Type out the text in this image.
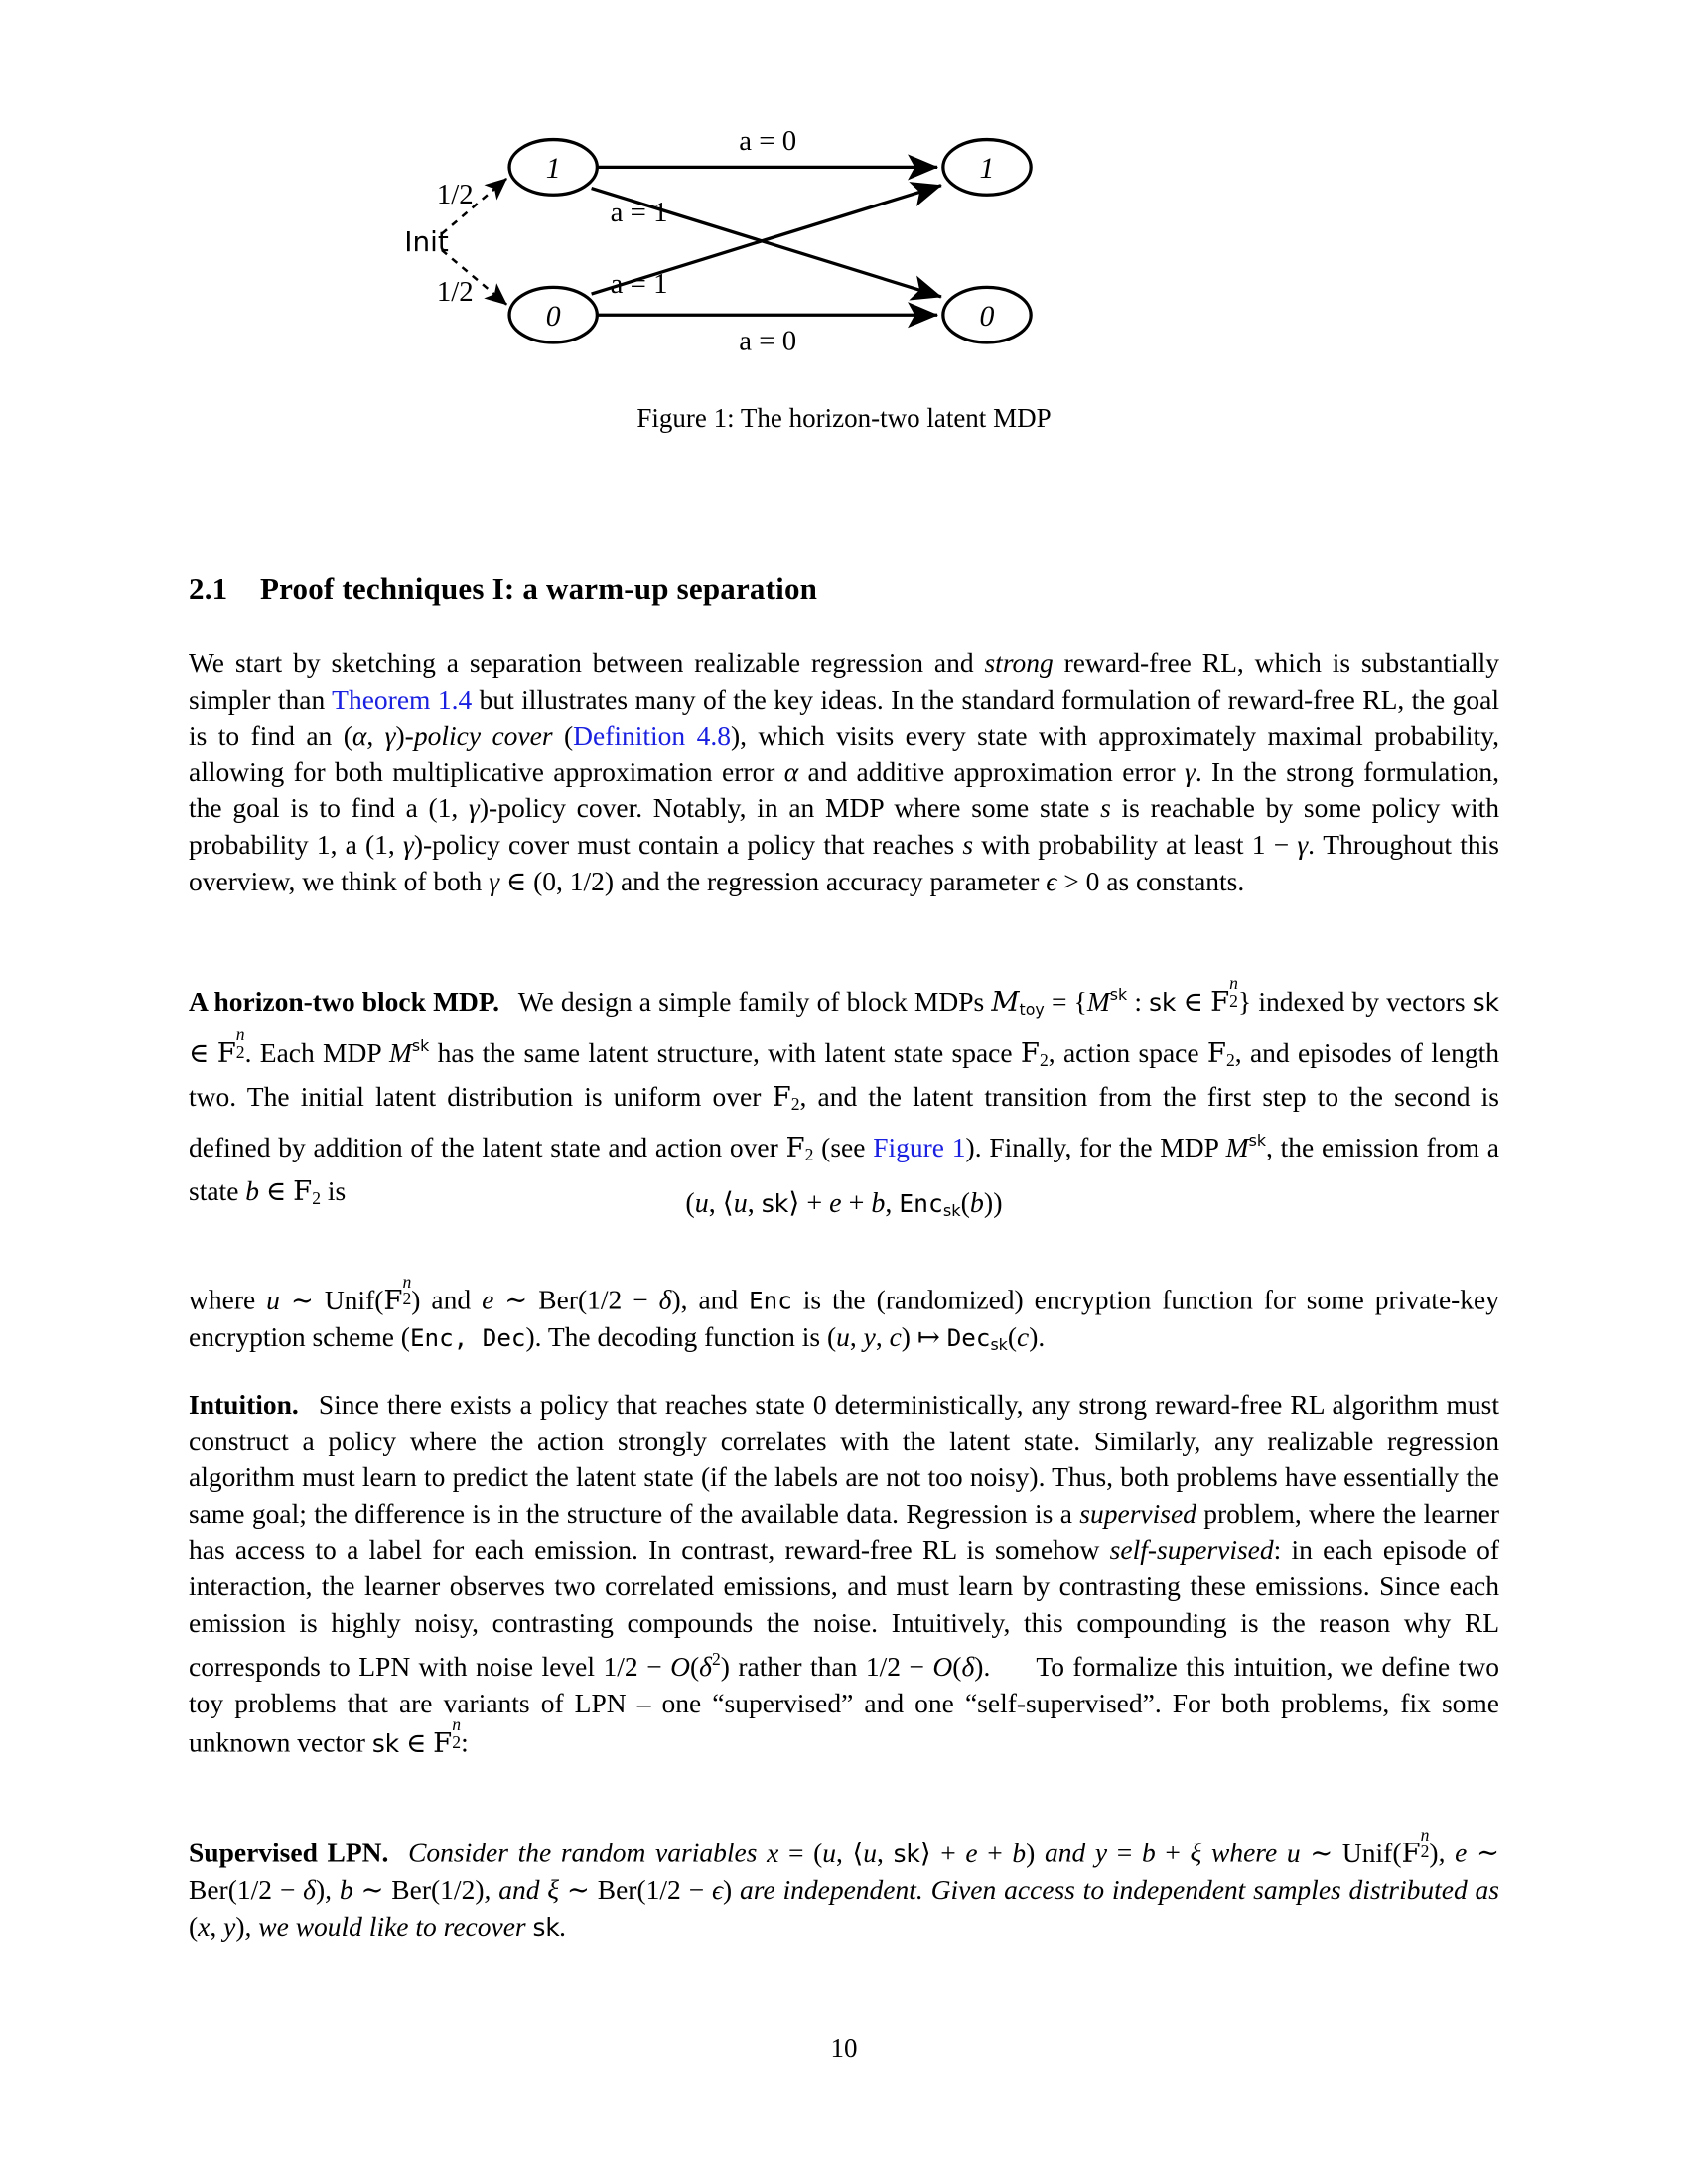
1
0
1
0
Init
1/2
1/2
a = 0
a = 1
a = 1
a = 0
Figure 1: The horizon-two latent MDP
2.1 Proof techniques I: a warm-up separation
We start by sketching a separation between realizable regression and strong reward-free RL, which is substantially simpler than Theorem 1.4 but illustrates many of the key ideas. In the standard formulation of reward-free RL, the goal is to find an (α, γ)-policy cover (Definition 4.8), which visits every state with approximately maximal probability, allowing for both multiplicative approximation error α and additive approximation error γ. In the strong formulation, the goal is to find a (1, γ)-policy cover. Notably, in an MDP where some state s is reachable by some policy with probability 1, a (1, γ)-policy cover must contain a policy that reaches s with probability at least 1 − γ. Throughout this overview, we think of both γ ∈ (0, 1/2) and the regression accuracy parameter ϵ > 0 as constants.
A horizon-two block MDP. We design a simple family of block MDPs $M_{toy} = \{M^{sk}$ : sk ∈ F
n
2 } indexed by vectors sk ∈ F
n
2 . Each MDP $M^{sk}$ has the same latent structure, with latent state space $F_2$, action space $F_2$, and episodes of length two. The initial latent distribution is uniform over $F_2$, and the latent transition from the first step to the second is defined by addition of the latent state and action over $F_2$ (see Figure 1). Finally, for the MDP $M^{sk}$, the emission from a state b ∈ $F_2$ is	(u, ⟨u, sk⟩ + e + b, Enc$_{sk}$(b))
where u ∼ Unif(F
n
2 ) and e ∼ Ber(1/2 − δ), and Enc is the (randomized) encryption function for some private-key encryption scheme (Enc, Dec). The decoding function is (u, y, c) ↦ Dec$_{sk}$(c).
Intuition. Since there exists a policy that reaches state 0 deterministically, any strong reward-free RL algorithm must construct a policy where the action strongly correlates with the latent state. Similarly, any realizable regression algorithm must learn to predict the latent state (if the labels are not too noisy). Thus, both problems have essentially the same goal; the difference is in the structure of the available data. Regression is a supervised problem, where the learner has access to a label for each emission. In contrast, reward-free RL is somehow self-supervised: in each episode of interaction, the learner observes two correlated emissions, and must learn by contrasting these emissions. Since each emission is highly noisy, contrasting compounds the noise. Intuitively, this compounding is the reason why RL corresponds to LPN with noise level $1/2 - O(\delta^2)$ rather than 1/2 − O(δ). To formalize this intuition, we define two toy problems that are variants of LPN – one “supervised” and one “self-supervised”. For both problems, fix some unknown vector sk ∈ F
n
2 :
Supervised LPN. Consider the random variables x = (u, ⟨u, sk⟩ + e + b) and y = b + ξ where u ∼ Unif(F
n
2 ), e ∼ Ber(1/2 − δ), b ∼ Ber(1/2), and ξ ∼ Ber(1/2 − ϵ) are independent. Given access to independent samples distributed as (x, y), we would like to recover sk.
10
